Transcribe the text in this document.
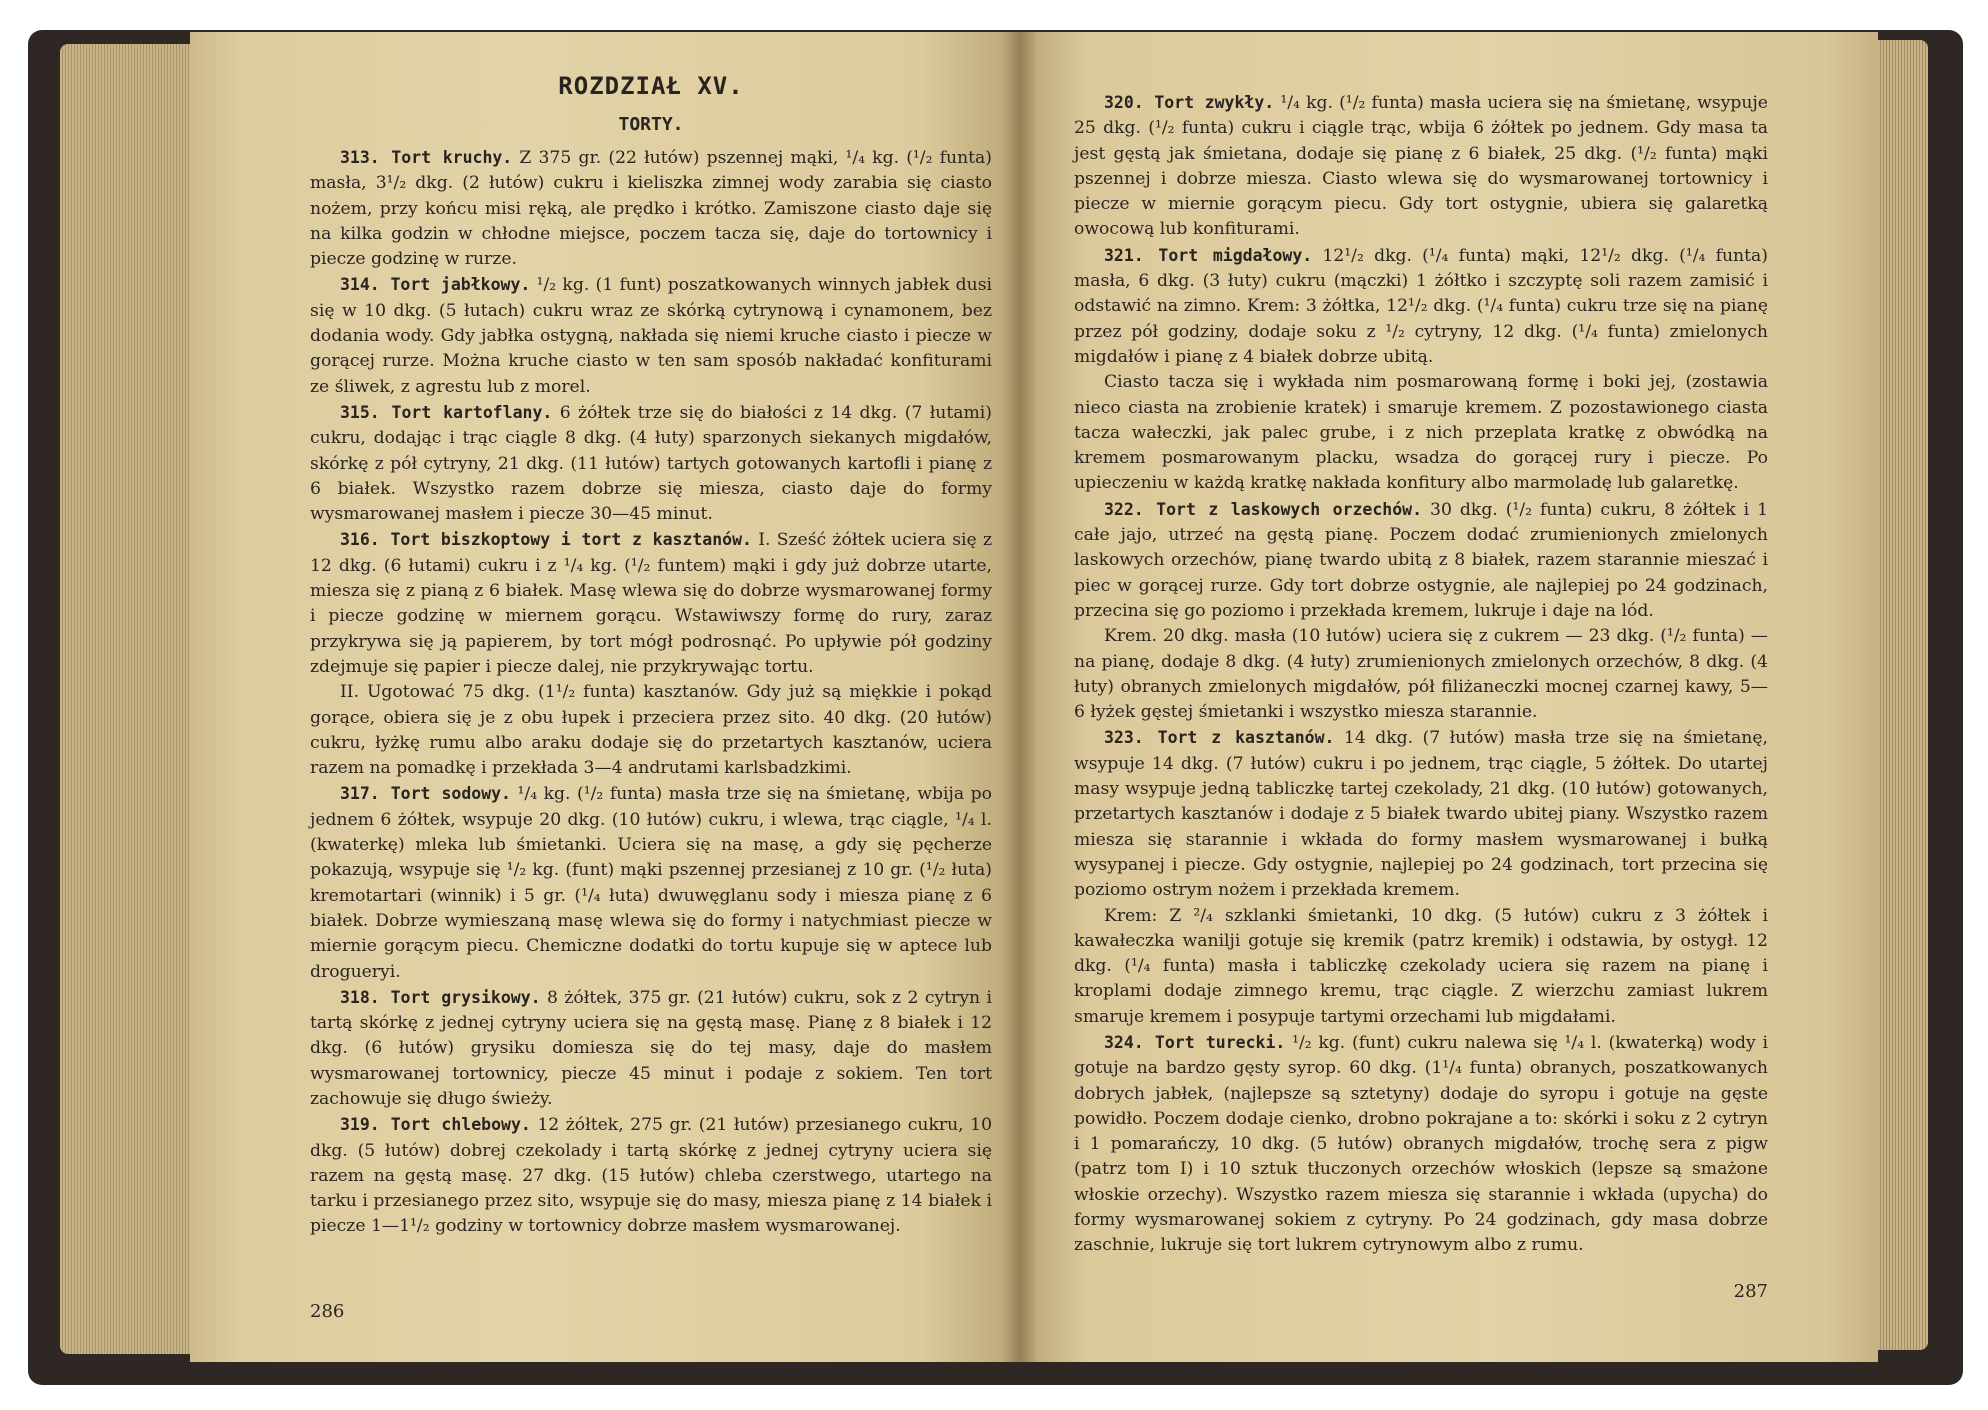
ROZDZIAŁ XV.
TORTY.

313. Tort kruchy. Z 375 gr. (22 łutów) pszennej mąki, ¹/₄ kg. (¹/₂ funta) masła, 3¹/₂ dkg. (2 łutów) cukru i kieliszka zimnej wody zarabia się ciasto nożem, przy końcu misi ręką, ale prędko i krótko. Zamiszone ciasto daje się na kilka godzin w chłodne miejsce, poczem tacza się, daje do tortownicy i piecze godzinę w rurze.

314. Tort jabłkowy. ¹/₂ kg. (1 funt) poszatkowanych winnych jabłek dusi się w 10 dkg. (5 łutach) cukru wraz ze skórką cytrynową i cynamonem, bez dodania wody. Gdy jabłka ostygną, nakłada się niemi kruche ciasto i piecze w gorącej rurze. Można kruche ciasto w ten sam sposób nakładać konfiturami ze śliwek, z agrestu lub z morel.

315. Tort kartoflany. 6 żółtek trze się do białości z 14 dkg. (7 łutami) cukru, dodając i trąc ciągle 8 dkg. (4 łuty) sparzonych siekanych migdałów, skórkę z pół cytryny, 21 dkg. (11 łutów) tartych gotowanych kartofli i pianę z 6 białek. Wszystko razem dobrze się miesza, ciasto daje do formy wysmarowanej masłem i piecze 30—45 minut.

316. Tort biszkoptowy i tort z kasztanów. I. Sześć żółtek uciera się z 12 dkg. (6 łutami) cukru i z ¹/₄ kg. (¹/₂ funtem) mąki i gdy już dobrze utarte, miesza się z pianą z 6 białek. Masę wlewa się do dobrze wysmarowanej formy i piecze godzinę w miernem gorącu. Wstawiwszy formę do rury, zaraz przykrywa się ją papierem, by tort mógł podrosnąć. Po upływie pół godziny zdejmuje się papier i piecze dalej, nie przykrywając tortu.

II. Ugotować 75 dkg. (1¹/₂ funta) kasztanów. Gdy już są miękkie i pokąd gorące, obiera się je z obu łupek i przeciera przez sito. 40 dkg. (20 łutów) cukru, łyżkę rumu albo araku dodaje się do przetartych kasztanów, uciera razem na pomadkę i przekłada 3—4 andrutami karlsbadzkimi.

317. Tort sodowy. ¹/₄ kg. (¹/₂ funta) masła trze się na śmietanę, wbija po jednem 6 żółtek, wsypuje 20 dkg. (10 łutów) cukru, i wlewa, trąc ciągle, ¹/₄ l. (kwaterkę) mleka lub śmietanki. Uciera się na masę, a gdy się pęcherze pokazują, wsypuje się ¹/₂ kg. (funt) mąki pszennej przesianej z 10 gr. (¹/₂ łuta) kremotartari (winnik) i 5 gr. (¹/₄ łuta) dwuwęglanu sody i miesza pianę z 6 białek. Dobrze wymieszaną masę wlewa się do formy i natychmiast piecze w miernie gorącym piecu. Chemiczne dodatki do tortu kupuje się w aptece lub drogueryi.

318. Tort grysikowy. 8 żółtek, 375 gr. (21 łutów) cukru, sok z 2 cytryn i tartą skórkę z jednej cytryny uciera się na gęstą masę. Pianę z 8 białek i 12 dkg. (6 łutów) grysiku domiesza się do tej masy, daje do masłem wysmarowanej tortownicy, piecze 45 minut i podaje z sokiem. Ten tort zachowuje się długo świeży.

319. Tort chlebowy. 12 żółtek, 275 gr. (21 łutów) przesianego cukru, 10 dkg. (5 łutów) dobrej czekolady i tartą skórkę z jednej cytryny uciera się razem na gęstą masę. 27 dkg. (15 łutów) chleba czerstwego, utartego na tarku i przesianego przez sito, wsypuje się do masy, miesza pianę z 14 białek i piecze 1—1¹/₂ godziny w tortownicy dobrze masłem wysmarowanej.

286

320. Tort zwykły. ¹/₄ kg. (¹/₂ funta) masła uciera się na śmietanę, wsypuje 25 dkg. (¹/₂ funta) cukru i ciągle trąc, wbija 6 żółtek po jednem. Gdy masa ta jest gęstą jak śmietana, dodaje się pianę z 6 białek, 25 dkg. (¹/₂ funta) mąki pszennej i dobrze miesza. Ciasto wlewa się do wysmarowanej tortownicy i piecze w miernie gorącym piecu. Gdy tort ostygnie, ubiera się galaretką owocową lub konfiturami.

321. Tort migdałowy. 12¹/₂ dkg. (¹/₄ funta) mąki, 12¹/₂ dkg. (¹/₄ funta) masła, 6 dkg. (3 łuty) cukru (mączki) 1 żółtko i szczyptę soli razem zamisić i odstawić na zimno. Krem: 3 żółtka, 12¹/₂ dkg. (¹/₄ funta) cukru trze się na pianę przez pół godziny, dodaje soku z ¹/₂ cytryny, 12 dkg. (¹/₄ funta) zmielonych migdałów i pianę z 4 białek dobrze ubitą.

Ciasto tacza się i wykłada nim posmarowaną formę i boki jej, (zostawia nieco ciasta na zrobienie kratek) i smaruje kremem. Z pozostawionego ciasta tacza wałeczki, jak palec grube, i z nich przeplata kratkę z obwódką na kremem posmarowanym placku, wsadza do gorącej rury i piecze. Po upieczeniu w każdą kratkę nakłada konfitury albo marmoladę lub galaretkę.

322. Tort z laskowych orzechów. 30 dkg. (¹/₂ funta) cukru, 8 żółtek i 1 całe jajo, utrzeć na gęstą pianę. Poczem dodać zrumienionych zmielonych laskowych orzechów, pianę twardo ubitą z 8 białek, razem starannie mieszać i piec w gorącej rurze. Gdy tort dobrze ostygnie, ale najlepiej po 24 godzinach, przecina się go poziomo i przekłada kremem, lukruje i daje na lód.

Krem. 20 dkg. masła (10 łutów) uciera się z cukrem — 23 dkg. (¹/₂ funta) — na pianę, dodaje 8 dkg. (4 łuty) zrumienionych zmielonych orzechów, 8 dkg. (4 łuty) obranych zmielonych migdałów, pół filiżaneczki mocnej czarnej kawy, 5—6 łyżek gęstej śmietanki i wszystko miesza starannie.

323. Tort z kasztanów. 14 dkg. (7 łutów) masła trze się na śmietanę, wsypuje 14 dkg. (7 łutów) cukru i po jednem, trąc ciągle, 5 żółtek. Do utartej masy wsypuje jedną tabliczkę tartej czekolady, 21 dkg. (10 łutów) gotowanych, przetartych kasztanów i dodaje z 5 białek twardo ubitej piany. Wszystko razem miesza się starannie i wkłada do formy masłem wysmarowanej i bułką wysypanej i piecze. Gdy ostygnie, najlepiej po 24 godzinach, tort przecina się poziomo ostrym nożem i przekłada kremem.

Krem: Z ²/₄ szklanki śmietanki, 10 dkg. (5 łutów) cukru z 3 żółtek i kawałeczka wanilji gotuje się kremik (patrz kremik) i odstawia, by ostygł. 12 dkg. (¹/₄ funta) masła i tabliczkę czekolady uciera się razem na pianę i kroplami dodaje zimnego kremu, trąc ciągle. Z wierzchu zamiast lukrem smaruje kremem i posypuje tartymi orzechami lub migdałami.

324. Tort turecki. ¹/₂ kg. (funt) cukru nalewa się ¹/₄ l. (kwaterką) wody i gotuje na bardzo gęsty syrop. 60 dkg. (1¹/₄ funta) obranych, poszatkowanych dobrych jabłek, (najlepsze są sztetyny) dodaje do syropu i gotuje na gęste powidło. Poczem dodaje cienko, drobno pokrajane a to: skórki i soku z 2 cytryn i 1 pomarańczy, 10 dkg. (5 łutów) obranych migdałów, trochę sera z pigw (patrz tom I) i 10 sztuk tłuczonych orzechów włoskich (lepsze są smażone włoskie orzechy). Wszystko razem miesza się starannie i wkłada (upycha) do formy wysmarowanej sokiem z cytryny. Po 24 godzinach, gdy masa dobrze zaschnie, lukruje się tort lukrem cytrynowym albo z rumu.

287
